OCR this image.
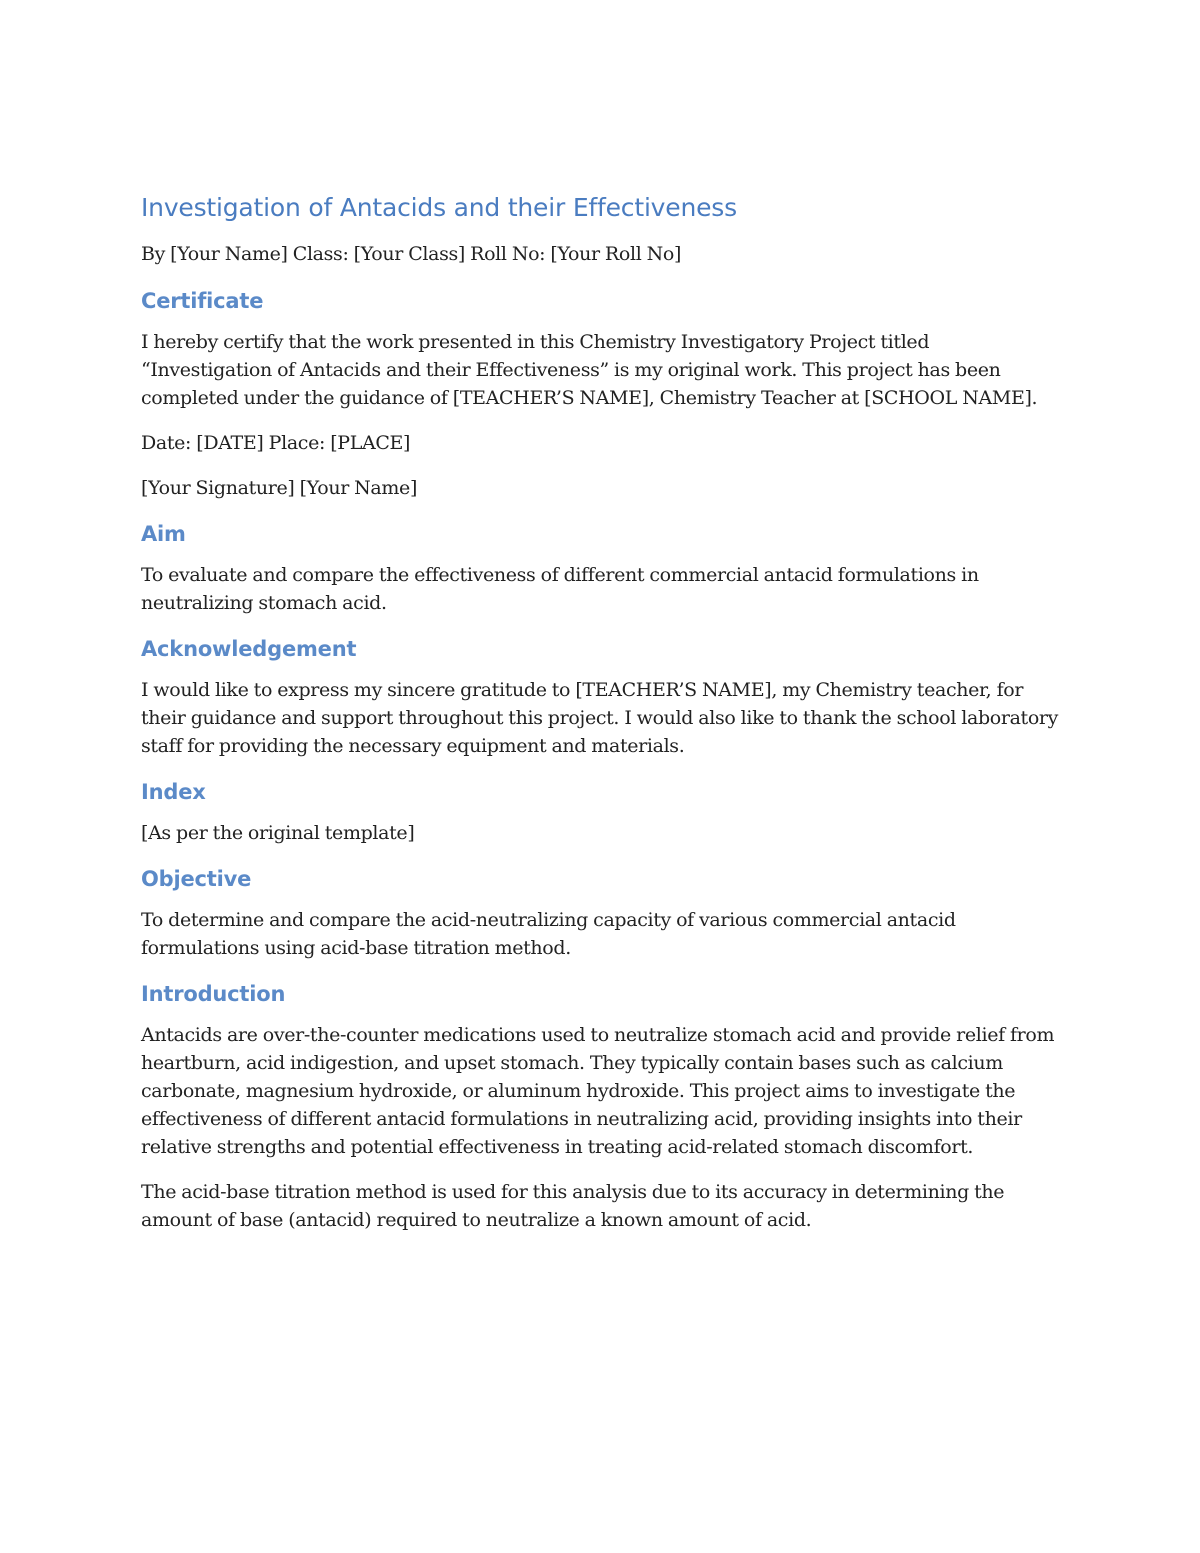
Investigation of Antacids and their Effectiveness

By [Your Name] Class: [Your Class] Roll No: [Your Roll No]

Certificate

I hereby certify that the work presented in this Chemistry Investigatory Project titled “Investigation of Antacids and their Effectiveness” is my original work. This project has been completed under the guidance of [TEACHER’S NAME], Chemistry Teacher at [SCHOOL NAME].

Date: [DATE] Place: [PLACE]

[Your Signature] [Your Name]

Aim

To evaluate and compare the effectiveness of different commercial antacid formulations in neutralizing stomach acid.

Acknowledgement

I would like to express my sincere gratitude to [TEACHER’S NAME], my Chemistry teacher, for their guidance and support throughout this project. I would also like to thank the school laboratory staff for providing the necessary equipment and materials.

Index

[As per the original template]

Objective

To determine and compare the acid-neutralizing capacity of various commercial antacid formulations using acid-base titration method.

Introduction

Antacids are over-the-counter medications used to neutralize stomach acid and provide relief from heartburn, acid indigestion, and upset stomach. They typically contain bases such as calcium carbonate, magnesium hydroxide, or aluminum hydroxide. This project aims to investigate the effectiveness of different antacid formulations in neutralizing acid, providing insights into their relative strengths and potential effectiveness in treating acid-related stomach discomfort.

The acid-base titration method is used for this analysis due to its accuracy in determining the amount of base (antacid) required to neutralize a known amount of acid.
